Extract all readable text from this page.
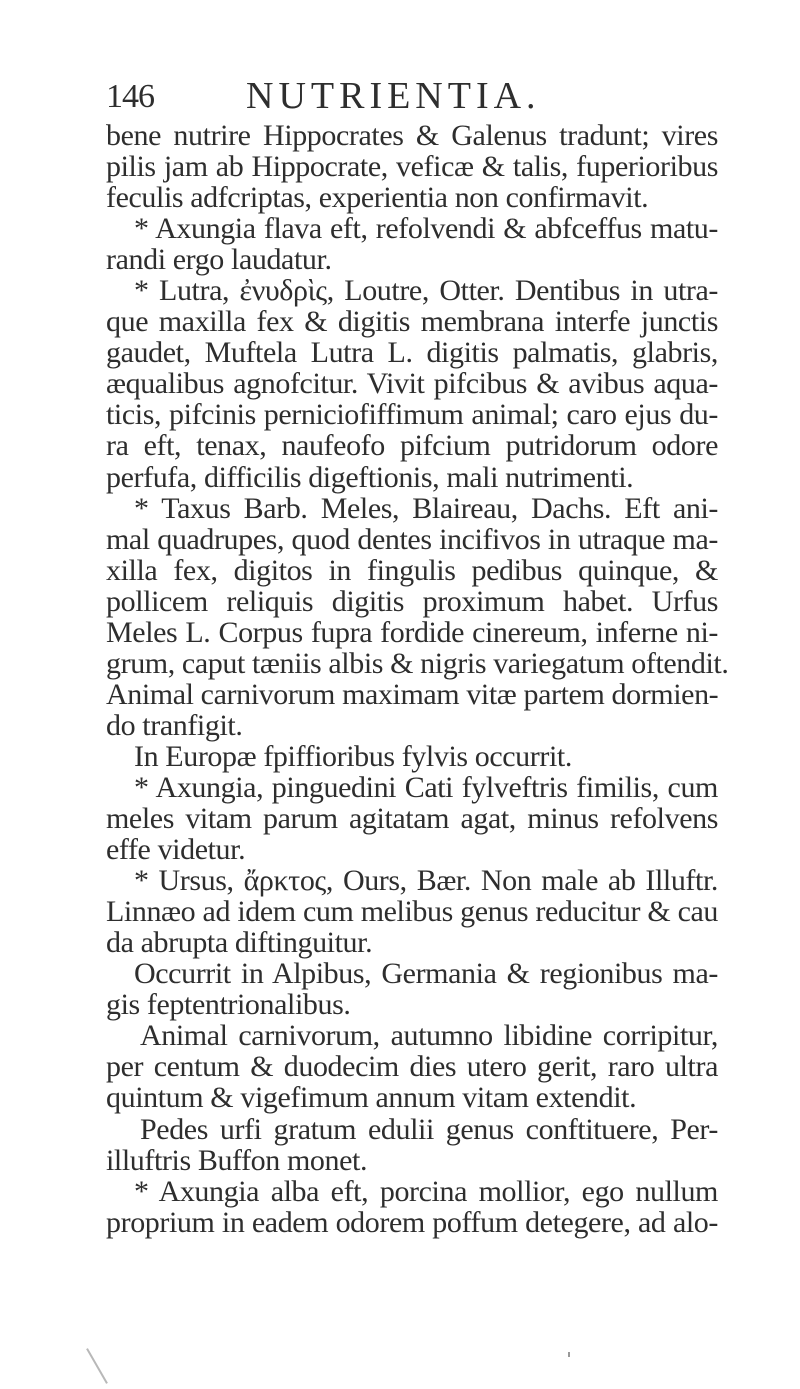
146 NUTRIENTIA.
bene nutrire Hippocrates & Galenus tradunt; vires
pilis jam ab Hippocrate, veficæ & talis, fuperioribus
feculis adfcriptas, experientia non confirmavit.
* Axungia flava eft, refolvendi & abfceffus matu-
randi ergo laudatur.
* Lutra, ἐνυδρὶς, Loutre, Otter. Dentibus in utra-
que maxilla fex & digitis membrana interfe junctis
gaudet, Muftela Lutra L. digitis palmatis, glabris,
æqualibus agnofcitur. Vivit pifcibus & avibus aqua-
ticis, pifcinis perniciofiffimum animal; caro ejus du-
ra eft, tenax, naufeofo pifcium putridorum odore
perfufa, difficilis digeftionis, mali nutrimenti.
* Taxus Barb. Meles, Blaireau, Dachs. Eft ani-
mal quadrupes, quod dentes incifivos in utraque ma-
xilla fex, digitos in fingulis pedibus quinque, &
pollicem reliquis digitis proximum habet. Urfus
Meles L. Corpus fupra fordide cinereum, inferne ni-
grum, caput tæniis albis & nigris variegatum oftendit.
Animal carnivorum maximam vitæ partem dormien-
do tranfigit.
In Europæ fpiffioribus fylvis occurrit.
* Axungia, pinguedini Cati fylveftris fimilis, cum
meles vitam parum agitatam agat, minus refolvens
effe videtur.
* Ursus, ἄρκτος, Ours, Bær. Non male ab Illuftr.
Linnæo ad idem cum melibus genus reducitur & cau
da abrupta diftinguitur.
Occurrit in Alpibus, Germania & regionibus ma-
gis feptentrionalibus.
Animal carnivorum, autumno libidine corripitur,
per centum & duodecim dies utero gerit, raro ultra
quintum & vigefimum annum vitam extendit.
Pedes urfi gratum edulii genus conftituere, Per-
illuftris Buffon monet.
* Axungia alba eft, porcina mollior, ego nullum
proprium in eadem odorem poffum detegere, ad alo-
